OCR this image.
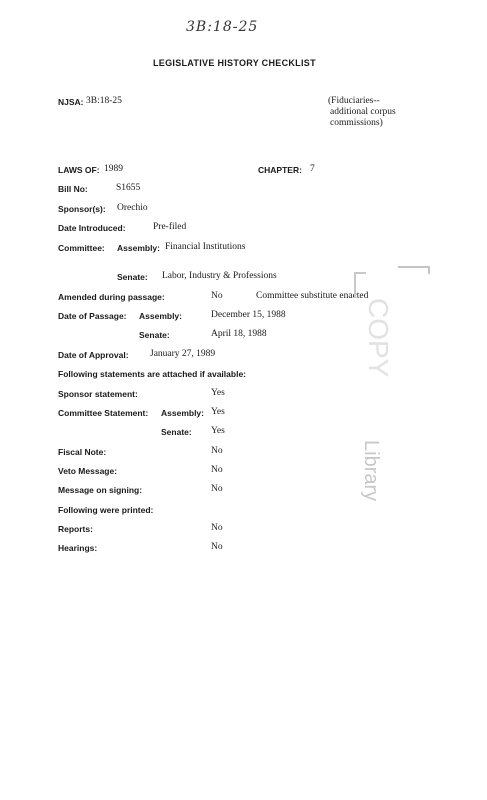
3B:18-25
LEGISLATIVE HISTORY CHECKLIST
NJSA: 3B:18-25	(Fiduciaries--
additional corpus
commissions)
LAWS OF: 1989	CHAPTER: 7
Bill No:	S1655
Sponsor(s): Orechio
Date Introduced:	Pre-filed
Committee: Assembly: Financial Institutions
Senate: Labor, Industry & Professions
Amended during passage:	No	Committee substitute enacted
Date of Passage: Assembly:	December 15, 1988
Senate:	April 18, 1988
Date of Approval: January 27, 1989
Following statements are attached if available:
Sponsor statement:	Yes
Committee Statement: Assembly: Yes
Senate: Yes
Fiscal Note:	No
Veto Message:	No
Message on signing:	No
Following were printed:
Reports:	No
Hearings:	No
COPY
Library
